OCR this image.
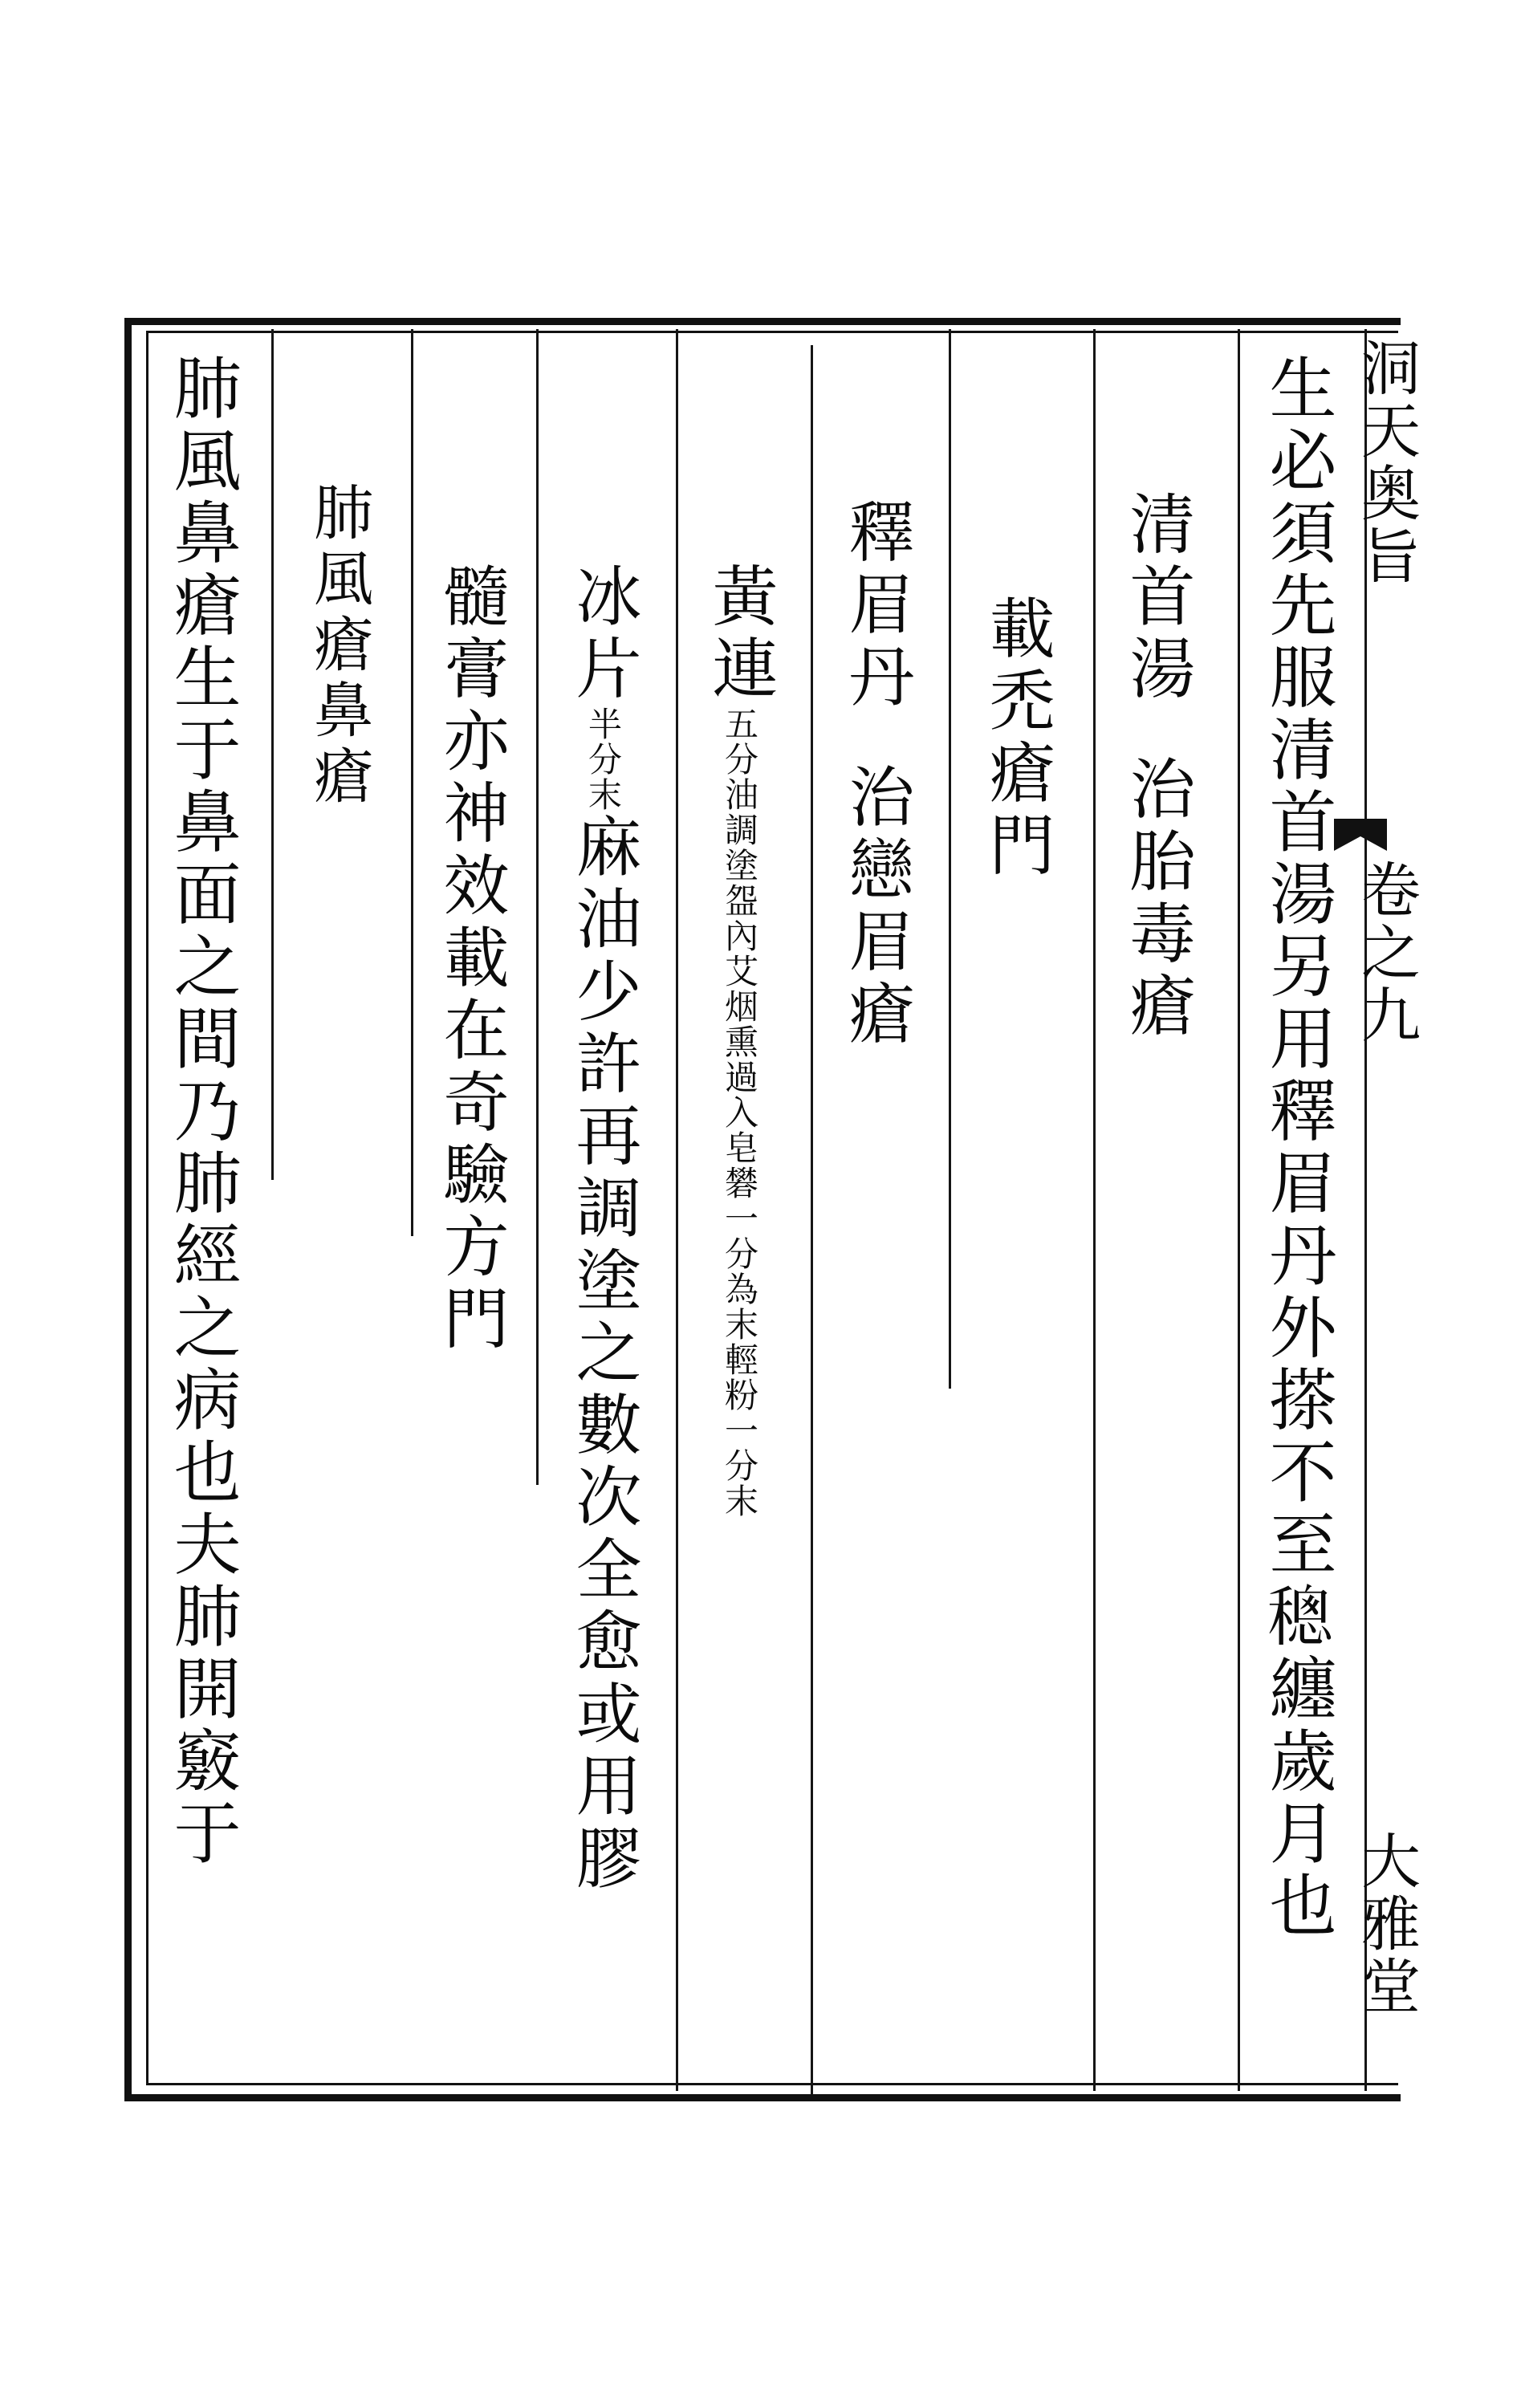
洞天奥旨
卷之九
大雅堂
生必須先服清首湯另用釋眉丹外搽不至𥡥纏歲月也
清首湯治胎毒瘡
載禿瘡門
釋眉丹治戀眉瘡
黃連五分油調塗盌內艾烟熏過入皂礬一分為末輕粉一分末
冰片半分末麻油少許再調塗之數次全愈或用膠
髓膏亦神效載在奇驗方門
肺風瘡鼻瘡
肺風鼻瘡生于鼻面之間乃肺經之病也夫肺開竅于
